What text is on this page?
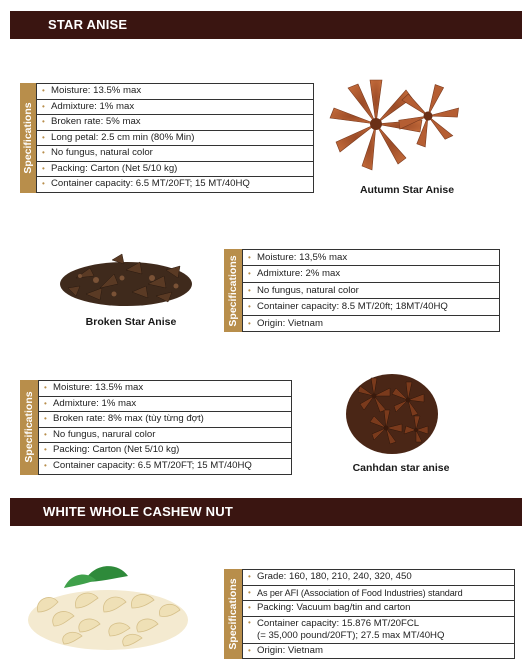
STAR ANISE
Specifications
• Moisture: 13.5% max
• Admixture: 1% max
• Broken rate: 5% max
• Long petal: 2.5 cm min (80% Min)
• No fungus, natural color
• Packing: Carton (Net 5/10 kg)
• Container capacity: 6.5 MT/20FT; 15 MT/40HQ
Autumn Star Anise
Broken Star Anise	Specifications
•	Moisture: 13,5% max
• Admixture: 2% max
• No fungus, natural color
• Container capacity: 8.5 MT/20ft; 18MT/40HQ
• Origin: Vietnam
Specifications
• Moisture: 13.5% max
• Admixture: 1% max
• Broken rate: 8% max (tùy từng đợt)
• No fungus, narural color
• Packing: Carton (Net 5/10 kg)
• Container capacity: 6.5 MT/20FT; 15 MT/40HQ	Canhdan star anise
WHITE WHOLE CASHEW NUT
Specifications
• Grade: 160, 180, 210, 240, 320, 450
• As per AFI (Association of Food Industries) standard
• Packing: Vacuum bag/tin and carton
• Container capacity: 15.876 MT/20FCL
(= 35,000 pound/20FT); 27.5 max MT/40HQ
• Origin: Vietnam
